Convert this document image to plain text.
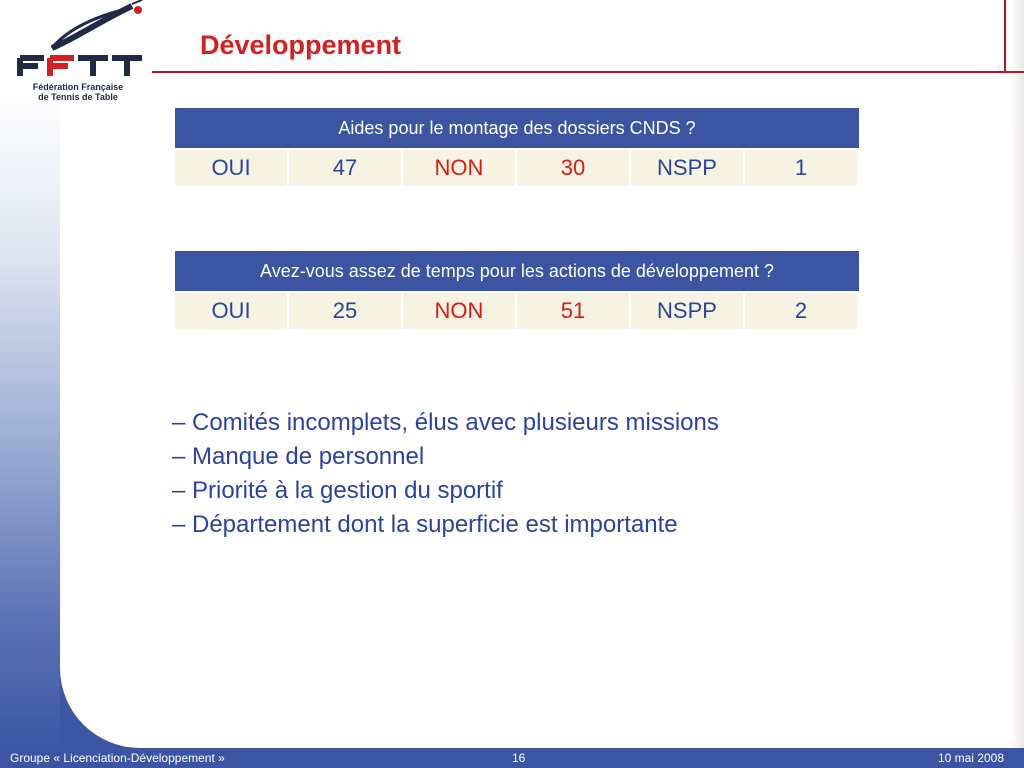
Fédération Française
de Tennis de Table
Développement
Aides pour le montage des dossiers CNDS ?
OUI	47	NON	30	NSPP	1
Avez-vous assez de temps pour les actions de développement ?
OUI	25	NON	51	NSPP	2
– Comités incomplets, élus avec plusieurs missions
– Manque de personnel
– Priorité à la gestion du sportif
– Département dont la superficie est importante
Groupe « Licenciation-Développement »	16	10 mai 2008
